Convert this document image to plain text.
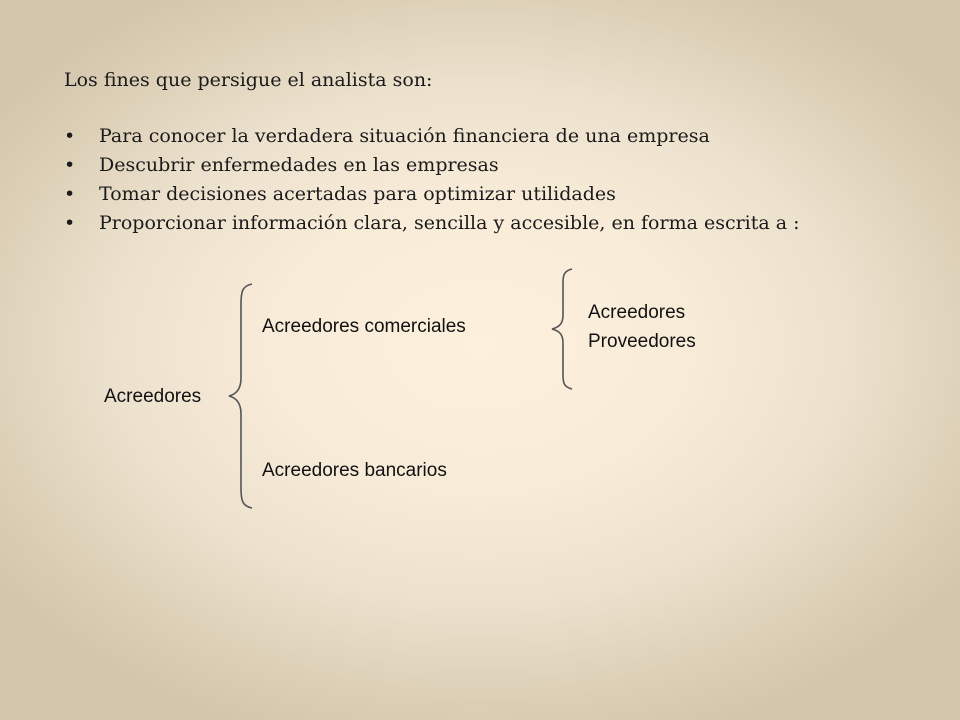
Los fines que persigue el analista son:

• Para conocer la verdadera situación financiera de una empresa
• Descubrir enfermedades en las empresas
• Tomar decisiones acertadas para optimizar utilidades
• Proporcionar información clara, sencilla y accesible, en forma escrita a :
Acreedores
Acreedores comerciales
Acreedores bancarios
Acreedores
Proveedores
